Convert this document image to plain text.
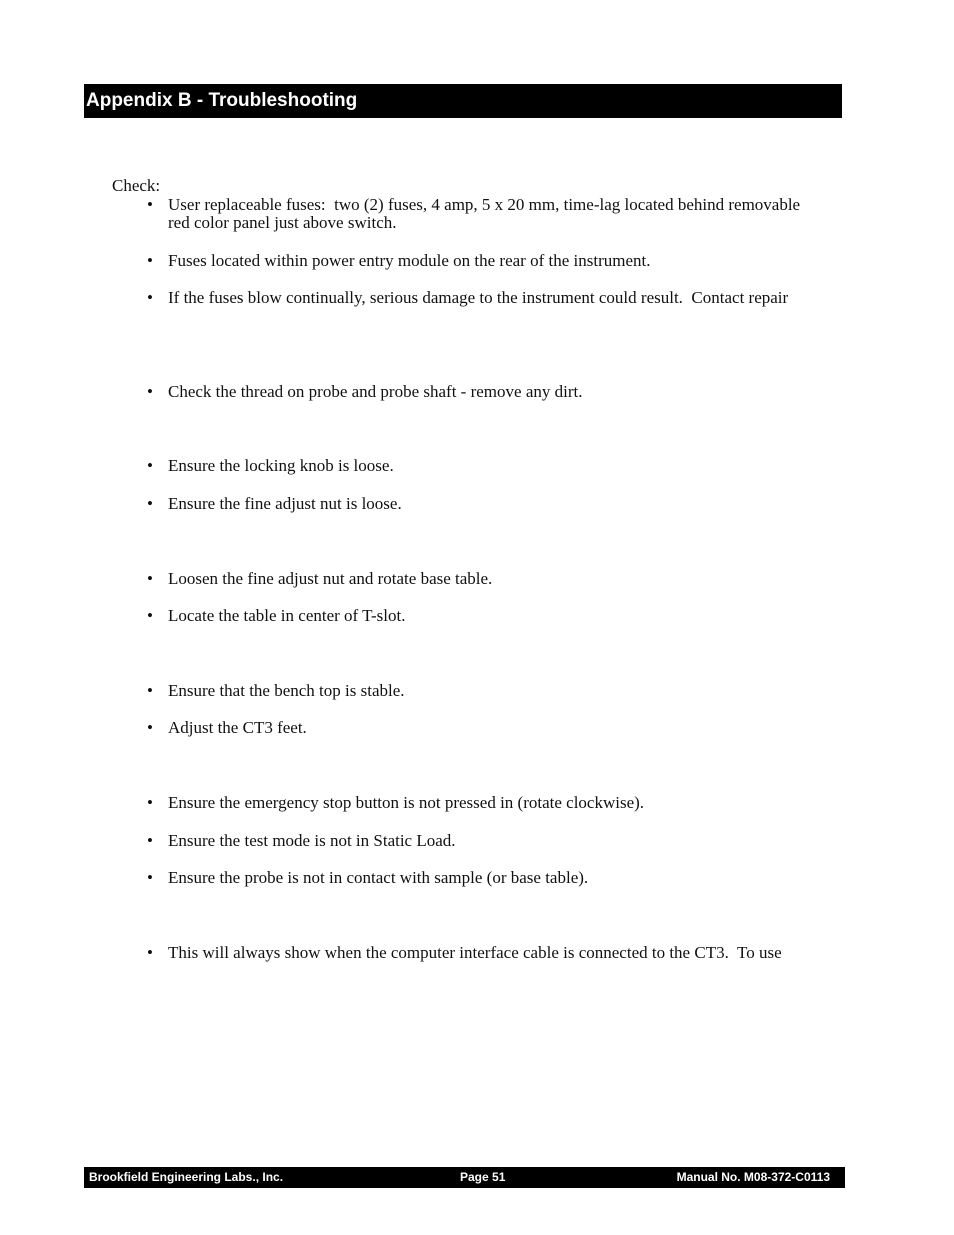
Appendix B - Troubleshooting
Check:
• User replaceable fuses:  two (2) fuses, 4 amp, 5 x 20 mm, time-lag located behind removable
red color panel just above switch.
• Fuses located within power entry module on the rear of the instrument.
• If the fuses blow continually, serious damage to the instrument could result.  Contact repair
• Check the thread on probe and probe shaft - remove any dirt.
• Ensure the locking knob is loose.
• Ensure the fine adjust nut is loose.
• Loosen the fine adjust nut and rotate base table.
• Locate the table in center of T-slot.
• Ensure that the bench top is stable.
• Adjust the CT3 feet.
• Ensure the emergency stop button is not pressed in (rotate clockwise).
• Ensure the test mode is not in Static Load.
• Ensure the probe is not in contact with sample (or base table).
• This will always show when the computer interface cable is connected to the CT3.  To use
Brookfield Engineering Labs., Inc.	Page 51	Manual No. M08-372-C0113
